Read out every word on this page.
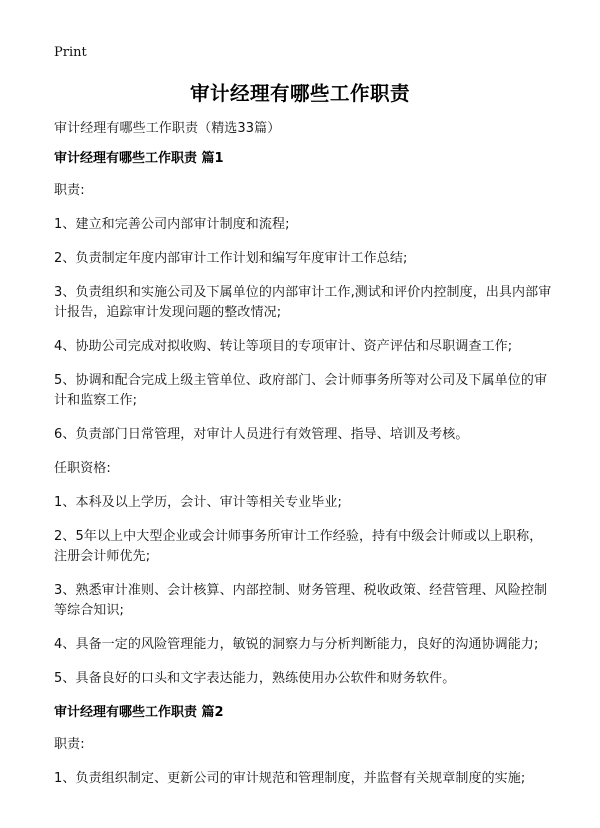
Print
审计经理有哪些工作职责

审计经理有哪些工作职责（精选33篇）

审计经理有哪些工作职责 篇1

职责:

1、建立和完善公司内部审计制度和流程;

2、负责制定年度内部审计工作计划和编写年度审计工作总结;

3、负责组织和实施公司及下属单位的内部审计工作,测试和评价内控制度，出具内部审计报告，追踪审计发现问题的整改情况;

4、协助公司完成对拟收购、转让等项目的专项审计、资产评估和尽职调查工作;

5、协调和配合完成上级主管单位、政府部门、会计师事务所等对公司及下属单位的审计和监察工作;

6、负责部门日常管理，对审计人员进行有效管理、指导、培训及考核。

任职资格:

1、本科及以上学历，会计、审计等相关专业毕业;

2、5年以上中大型企业或会计师事务所审计工作经验，持有中级会计师或以上职称，注册会计师优先;

3、熟悉审计准则、会计核算、内部控制、财务管理、税收政策、经营管理、风险控制等综合知识;

4、具备一定的风险管理能力，敏锐的洞察力与分析判断能力，良好的沟通协调能力;

5、具备良好的口头和文字表达能力，熟练使用办公软件和财务软件。

审计经理有哪些工作职责 篇2

职责:

1、负责组织制定、更新公司的审计规范和管理制度，并监督有关规章制度的实施;
